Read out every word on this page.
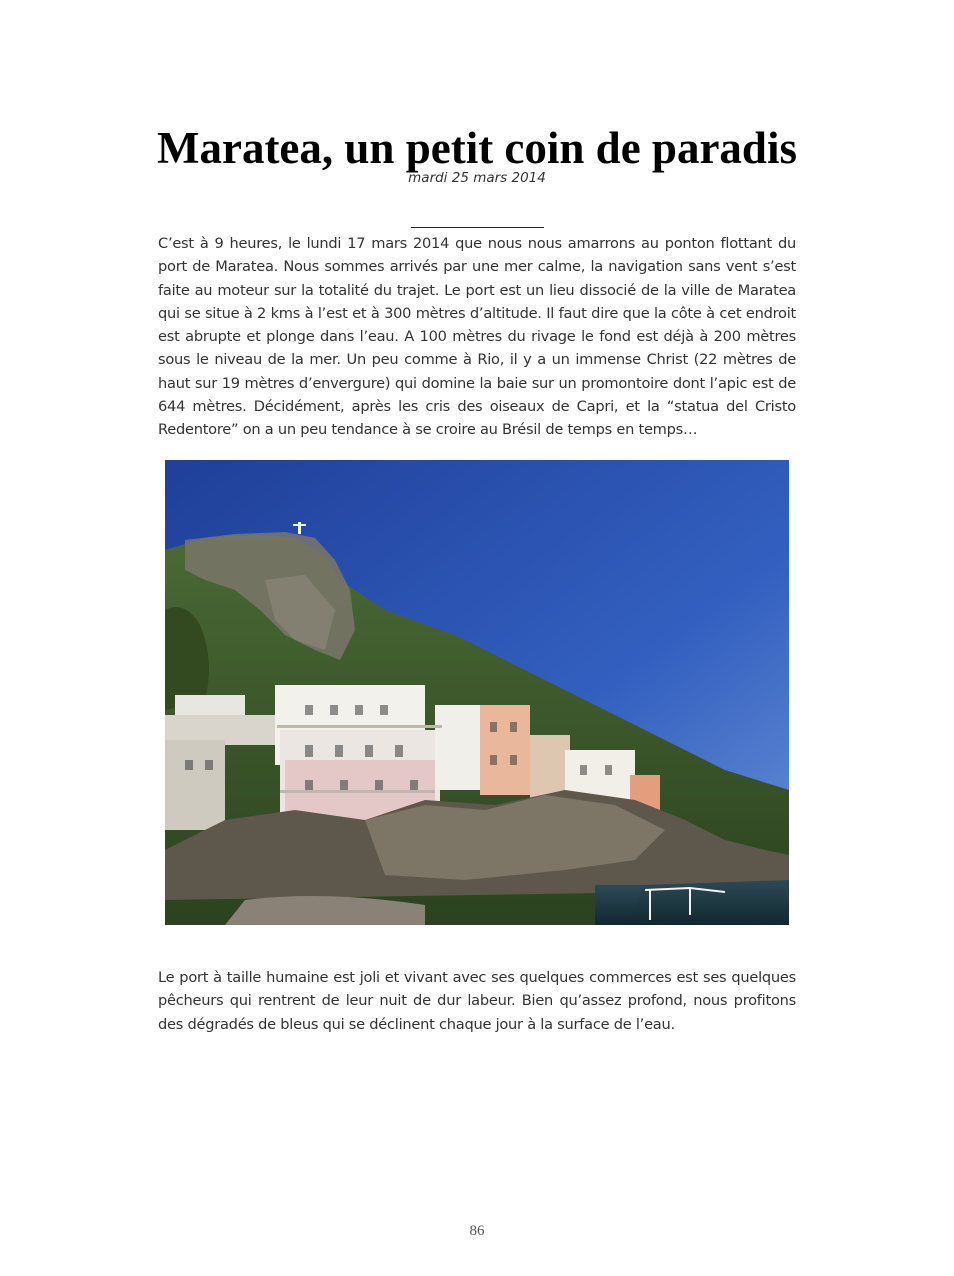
Maratea, un petit coin de paradis
mardi 25 mars 2014

C’est à 9 heures, le lundi 17 mars 2014 que nous nous amarrons au ponton flottant du port de Maratea. Nous sommes arrivés par une mer calme, la navigation sans vent s’est faite au moteur sur la totalité du trajet. Le port est un lieu dissocié de la ville de Maratea qui se situe à 2 kms à l’est et à 300 mètres d’altitude. Il faut dire que la côte à cet endroit est abrupte et plonge dans l’eau. A 100 mètres du rivage le fond est déjà à 200 mètres sous le niveau de la mer. Un peu comme à Rio, il y a un immense Christ (22 mètres de haut sur 19 mètres d’envergure) qui domine la baie sur un promontoire dont l’apic est de 644 mètres. Décidément, après les cris des oiseaux de Capri, et la “statua del Cristo Redentore” on a un peu tendance à se croire au Brésil de temps en temps…

Le port à taille humaine est joli et vivant avec ses quelques commerces est ses quelques pêcheurs qui rentrent de leur nuit de dur labeur. Bien qu’assez profond, nous profitons des dégradés de bleus qui se déclinent chaque jour à la surface de l’eau.

86
